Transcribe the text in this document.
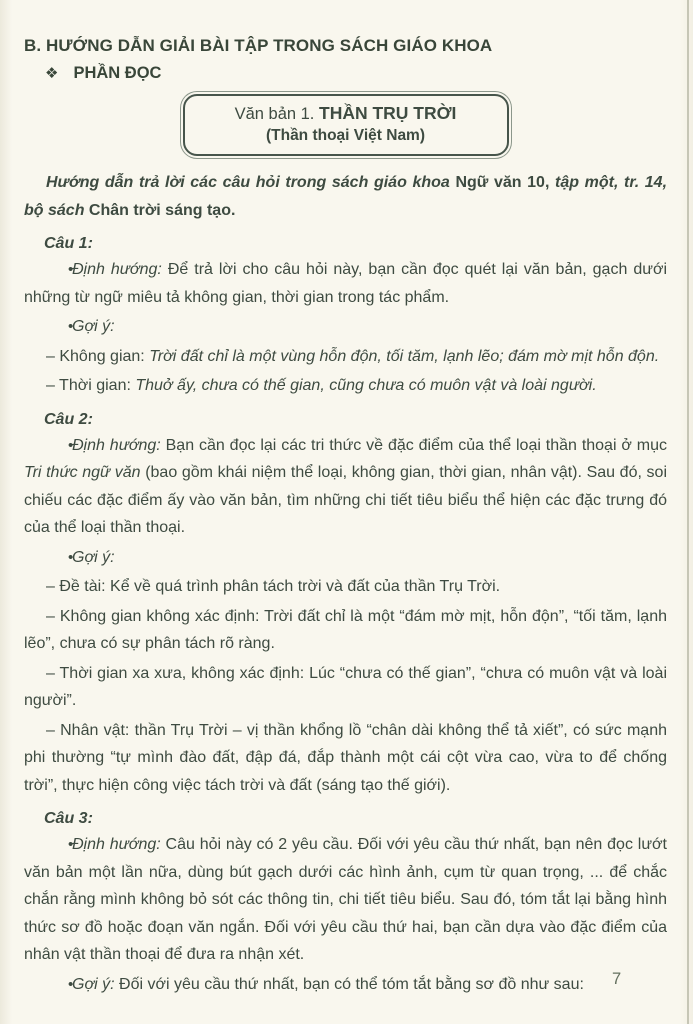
B. HƯỚNG DẪN GIẢI BÀI TẬP TRONG SÁCH GIÁO KHOA
❖ PHẦN ĐỌC
Văn bản 1. THẦN TRỤ TRỜI
(Thần thoại Việt Nam)

Hướng dẫn trả lời các câu hỏi trong sách giáo khoa Ngữ văn 10, tập một, tr. 14, bộ sách Chân trời sáng tạo.

Câu 1:

•Định hướng: Để trả lời cho câu hỏi này, bạn cần đọc quét lại văn bản, gạch dưới những từ ngữ miêu tả không gian, thời gian trong tác phẩm.

•Gợi ý:

– Không gian: Trời đất chỉ là một vùng hỗn độn, tối tăm, lạnh lẽo; đám mờ mịt hỗn độn.

– Thời gian: Thuở ấy, chưa có thế gian, cũng chưa có muôn vật và loài người.

Câu 2:

•Định hướng: Bạn cần đọc lại các tri thức về đặc điểm của thể loại thần thoại ở mục Tri thức ngữ văn (bao gồm khái niệm thể loại, không gian, thời gian, nhân vật). Sau đó, soi chiếu các đặc điểm ấy vào văn bản, tìm những chi tiết tiêu biểu thể hiện các đặc trưng đó của thể loại thần thoại.

•Gợi ý:

– Đề tài: Kể về quá trình phân tách trời và đất của thần Trụ Trời.

– Không gian không xác định: Trời đất chỉ là một “đám mờ mịt, hỗn độn”, “tối tăm, lạnh lẽo”, chưa có sự phân tách rõ ràng.

– Thời gian xa xưa, không xác định: Lúc “chưa có thế gian”, “chưa có muôn vật và loài người”.

– Nhân vật: thần Trụ Trời – vị thần khổng lồ “chân dài không thể tả xiết”, có sức mạnh phi thường “tự mình đào đất, đập đá, đắp thành một cái cột vừa cao, vừa to để chống trời”, thực hiện công việc tách trời và đất (sáng tạo thế giới).

Câu 3:

•Định hướng: Câu hỏi này có 2 yêu cầu. Đối với yêu cầu thứ nhất, bạn nên đọc lướt văn bản một lần nữa, dùng bút gạch dưới các hình ảnh, cụm từ quan trọng, ... để chắc chắn rằng mình không bỏ sót các thông tin, chi tiết tiêu biểu. Sau đó, tóm tắt lại bằng hình thức sơ đồ hoặc đoạn văn ngắn. Đối với yêu cầu thứ hai, bạn cần dựa vào đặc điểm của nhân vật thần thoại để đưa ra nhận xét.

•Gợi ý: Đối với yêu cầu thứ nhất, bạn có thể tóm tắt bằng sơ đồ như sau:	7
